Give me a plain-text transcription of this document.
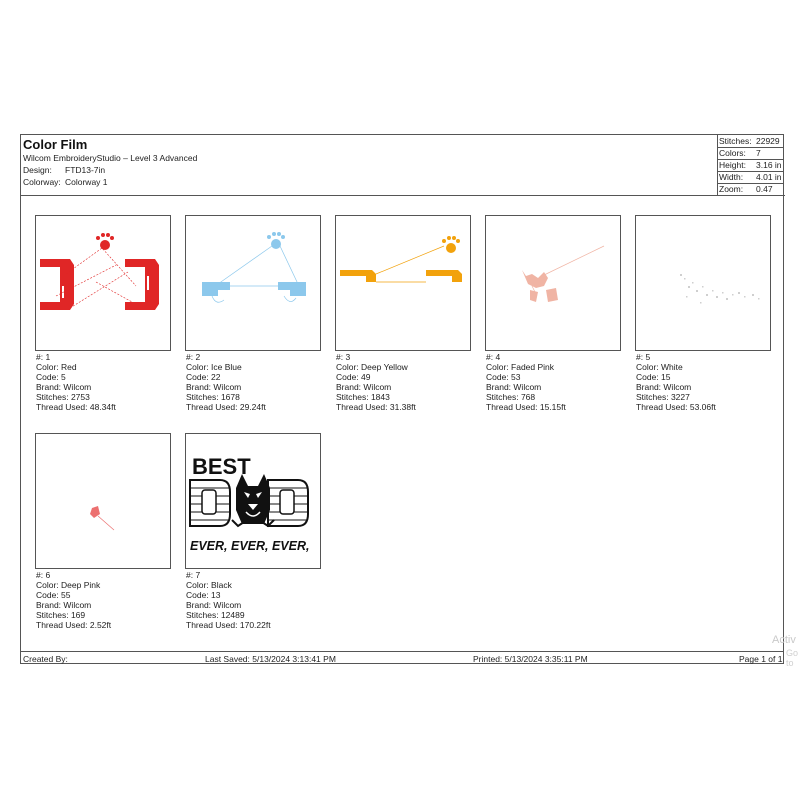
Color Film
Wilcom EmbroideryStudio – Level 3 Advanced
Design: FTD13-7in
Colorway: Colorway 1
Stitches: 22929
Colors: 7
Height: 3.16 in
Width: 4.01 in
Zoom: 0.47
Created By:	Last Saved: 5/13/2024 3:13:41 PM	Printed: 5/13/2024 3:35:11 PM	Page 1 of 1
#: 1
Color: Red
Code: 5
Brand: Wilcom
Stitches: 2753
Thread Used: 48.34ft
#: 2
Color: Ice Blue
Code: 22
Brand: Wilcom
Stitches: 1678
Thread Used: 29.24ft
#: 3
Color: Deep Yellow
Code: 49
Brand: Wilcom
Stitches: 1843
Thread Used: 31.38ft
#: 4
Color: Faded Pink
Code: 53
Brand: Wilcom
Stitches: 768
Thread Used: 15.15ft
#: 5
Color: White
Code: 15
Brand: Wilcom
Stitches: 3227
Thread Used: 53.06ft
#: 6
Color: Deep Pink
Code: 55
Brand: Wilcom
Stitches: 169
Thread Used: 2.52ft
BEST
EVER, EVER, EVER,
#: 7
Color: Black
Code: 13
Brand: Wilcom
Stitches: 12489
Thread Used: 170.22ft
Activ
Go to
